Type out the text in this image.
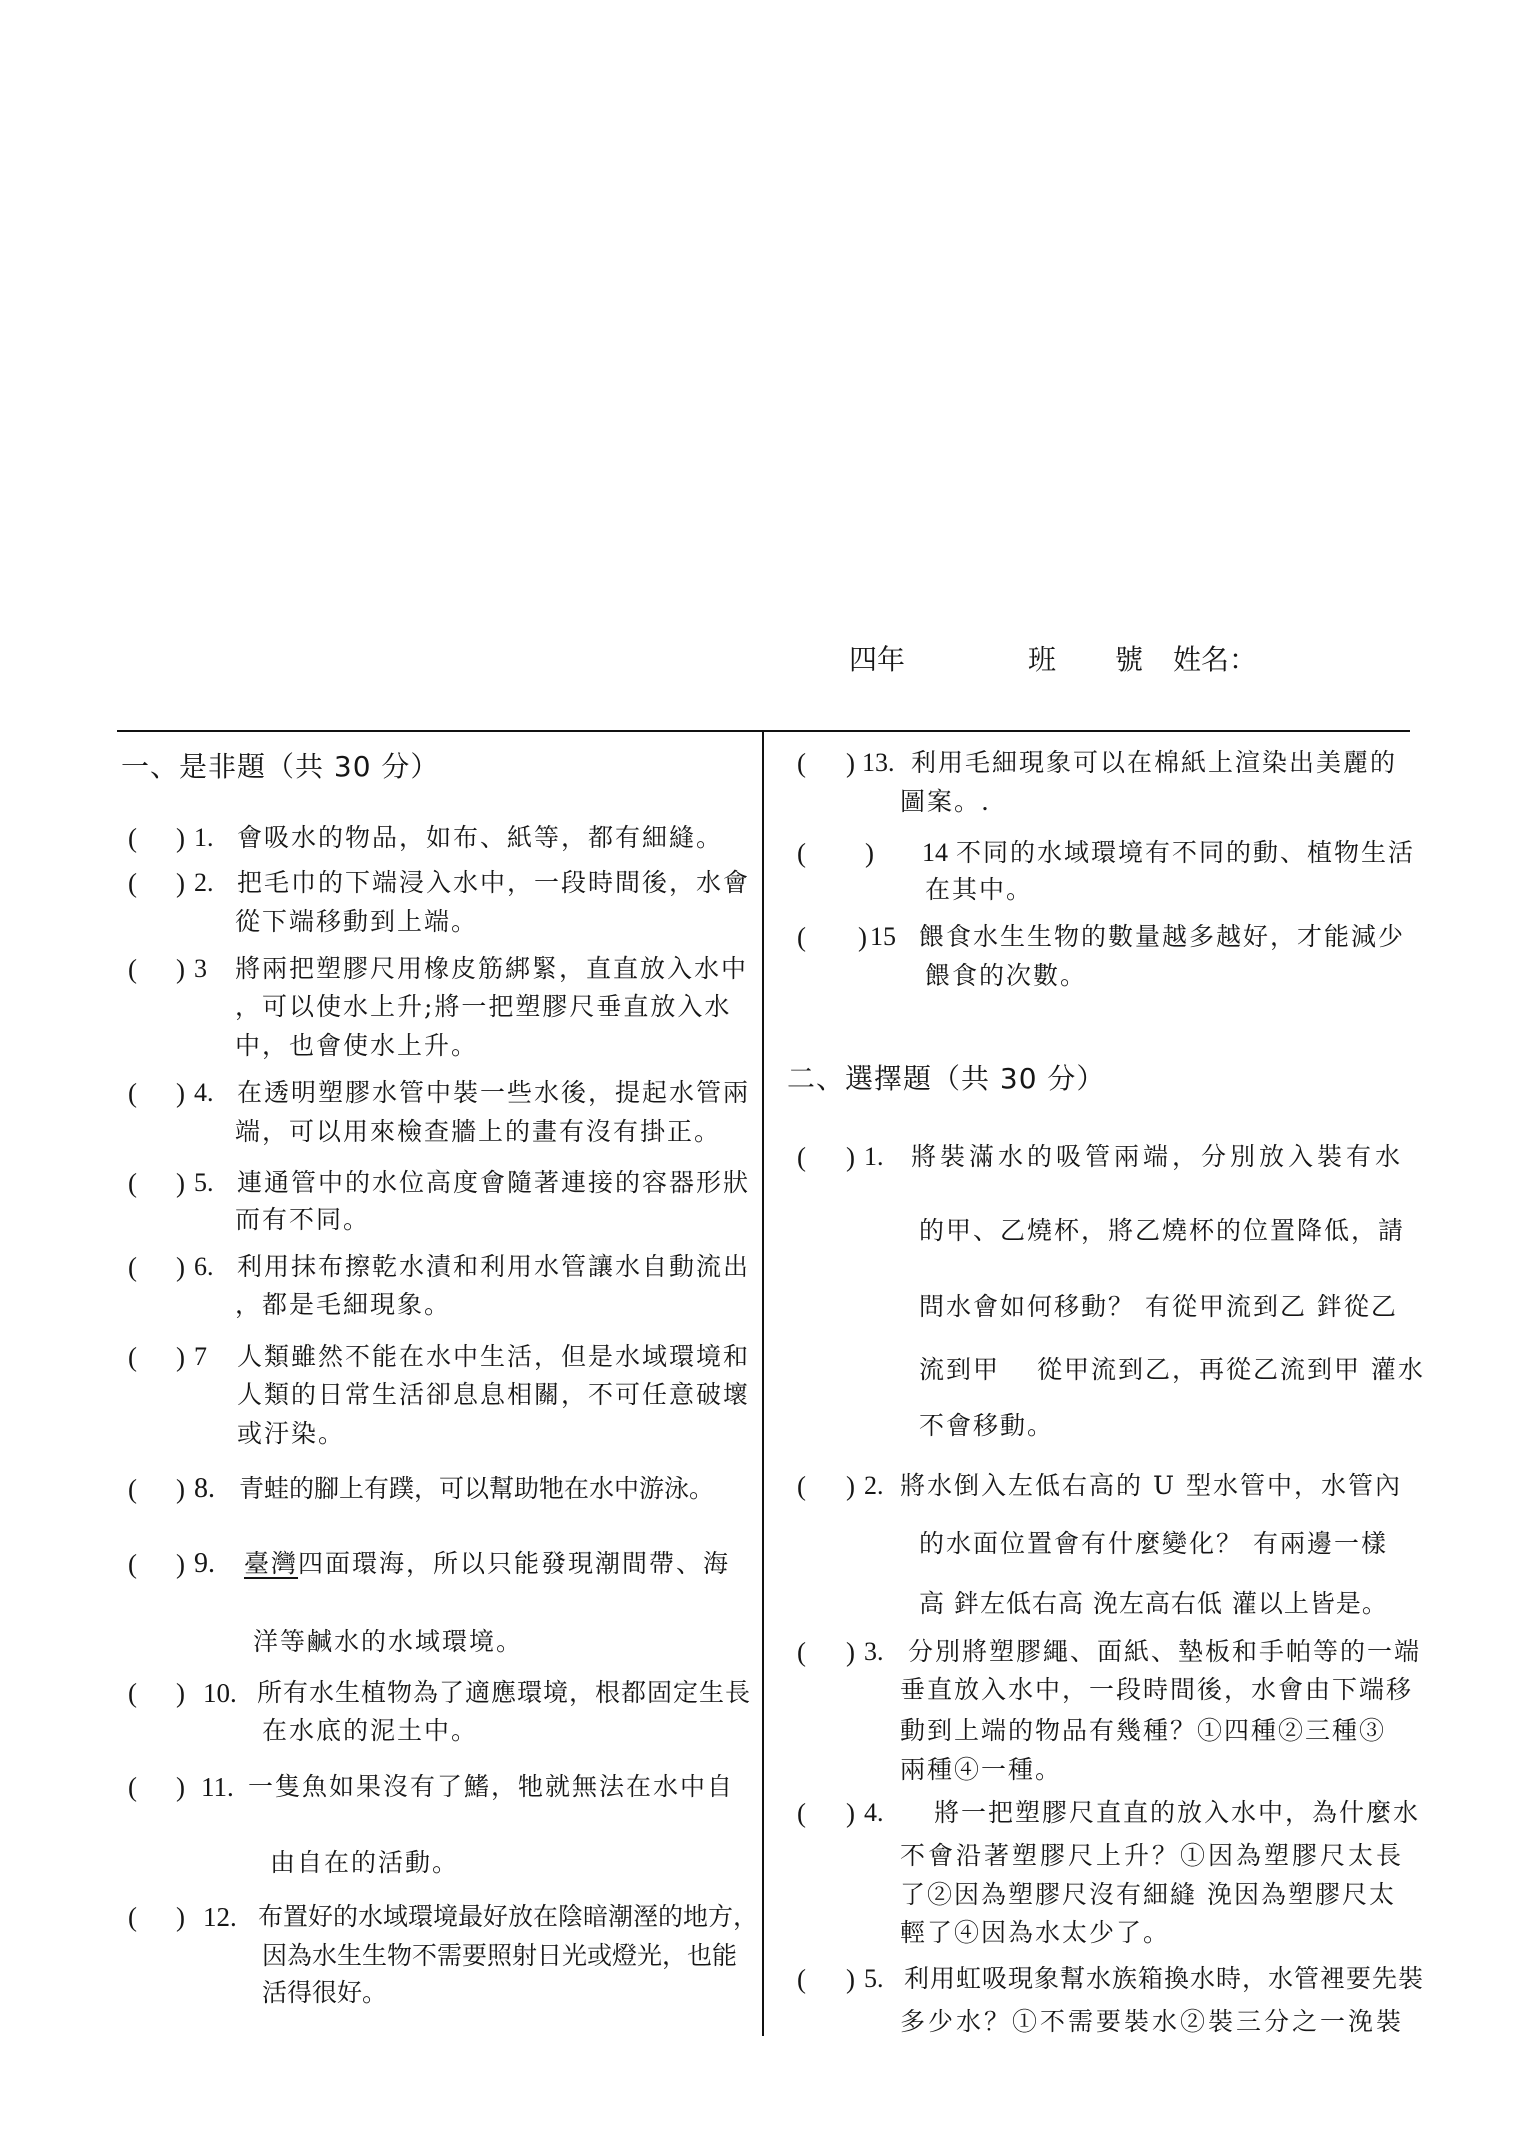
四年	班 號 姓名：
一、是非題（共 30 分）
( ) 1. 會吸水的物品，如布、紙等，都有細縫。
( ) 2. 把毛巾的下端浸入水中，一段時間後，水會
從下端移動到上端。
( ) 3 將兩把塑膠尺用橡皮筋綁緊，直直放入水中
，可以使水上升;將一把塑膠尺垂直放入水
中，也會使水上升。
( ) 4. 在透明塑膠水管中裝一些水後，提起水管兩
端，可以用來檢查牆上的畫有沒有掛正。
( ) 5. 連通管中的水位高度會隨著連接的容器形狀
而有不同。
( ) 6. 利用抹布擦乾水漬和利用水管讓水自動流出
，都是毛細現象。
( ) 7 人類雖然不能在水中生活，但是水域環境和
人類的日常生活卻息息相關，不可任意破壞
或汙染。
( ) 8. 青蛙的腳上有蹼，可以幫助牠在水中游泳。
( ) 9. 臺灣四面環海，所以只能發現潮間帶、海
洋等鹹水的水域環境。
( ) 10. 所有水生植物為了適應環境，根都固定生長
在水底的泥土中。
( ) 11. 一隻魚如果沒有了鰭，牠就無法在水中自
由自在的活動。
( ) 12. 布置好的水域環境最好放在陰暗潮溼的地方，
因為水生生物不需要照射日光或燈光，也能
活得很好。
( ) 13. 利用毛細現象可以在棉紙上渲染出美麗的
圖案。.
( ) 14 不同的水域環境有不同的動、植物生活
在其中。
( ) 15 餵食水生生物的數量越多越好，才能減少
餵食的次數。
二、選擇題（共 30 分）
( ) 1. 將裝滿水的吸管兩端，分別放入裝有水
的甲、乙燒杯，將乙燒杯的位置降低，請
問水會如何移動？ 有從甲流到乙 鉡從乙
流到甲　 從甲流到乙，再從乙流到甲 灌水
不會移動。
( ) 2. 將水倒入左低右高的 U 型水管中，水管內
的水面位置會有什麼變化？ 有兩邊一樣
高 鉡左低右高 浼左高右低 灌以上皆是。
( ) 3. 分別將塑膠繩、面紙、墊板和手帕等的一端
垂直放入水中，一段時間後，水會由下端移
動到上端的物品有幾種？①四種②三種③
兩種④一種。
( ) 4. 將一把塑膠尺直直的放入水中，為什麼水
不會沿著塑膠尺上升？①因為塑膠尺太長
了②因為塑膠尺沒有細縫 浼因為塑膠尺太
輕了④因為水太少了。
( ) 5. 利用虹吸現象幫水族箱換水時，水管裡要先裝
多少水？①不需要裝水②裝三分之一浼裝
